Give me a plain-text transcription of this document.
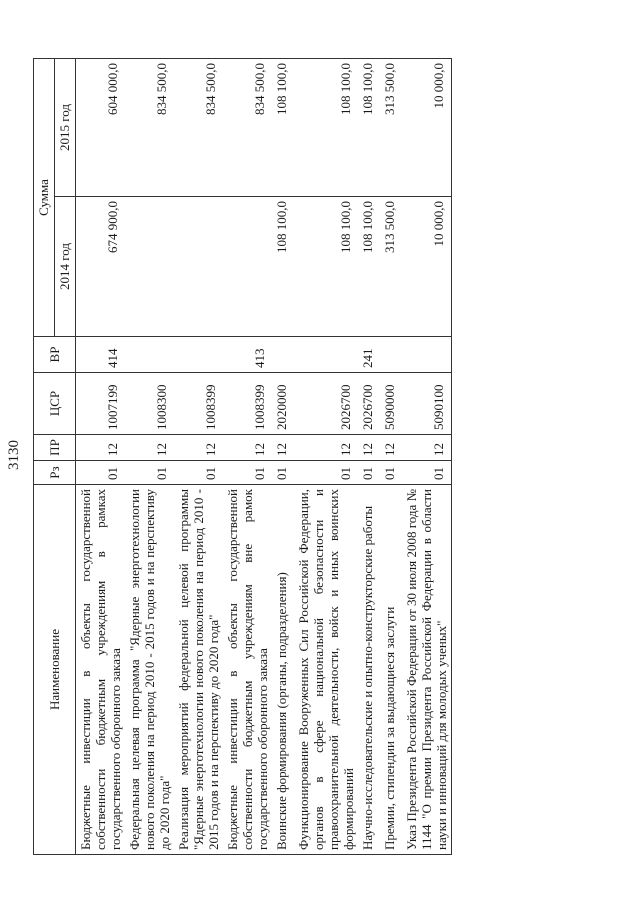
3130
Наименование	Рз	ПР	ЦСР	ВР	Сумма	
					2014 год	2015 год
Бюджетные инвестиции в объекты государственной собственности бюджетным учреждениям в рамках государственного оборонного заказа	01	12	1007199	414	674 900,0	604 000,0
Федеральная целевая программа "Ядерные энерготехнологии нового поколения на период 2010 - 2015 годов и на перспективу до 2020 года"	01	12	1008300			834 500,0
Реализация мероприятий федеральной целевой программы "Ядерные энерготехнологии нового поколения на период 2010 - 2015 годов и на перспективу до 2020 года"	01	12	1008399			834 500,0
Бюджетные инвестиции в объекты государственной собственности бюджетным учреждениям вне рамок государственного оборонного заказа	01	12	1008399	413		834 500,0
Воинские формирования (органы, подразделения)	01	12	2020000		108 100,0	108 100,0
Функционирование Вооруженных Сил Российской Федерации, органов в сфере национальной безопасности и правоохранительной деятельности, войск и иных воинских формирований	01	12	2026700		108 100,0	108 100,0
Научно-исследовательские и опытно-конструкторские работы	01	12	2026700	241	108 100,0	108 100,0
Премии, стипендии за выдающиеся заслуги	01	12	5090000		313 500,0	313 500,0
Указ Президента Российской Федерации от 30 июля 2008 года № 1144 "О премии Президента Российской Федерации в области науки и инноваций для молодых ученых"	01	12	5090100		10 000,0	10 000,0
